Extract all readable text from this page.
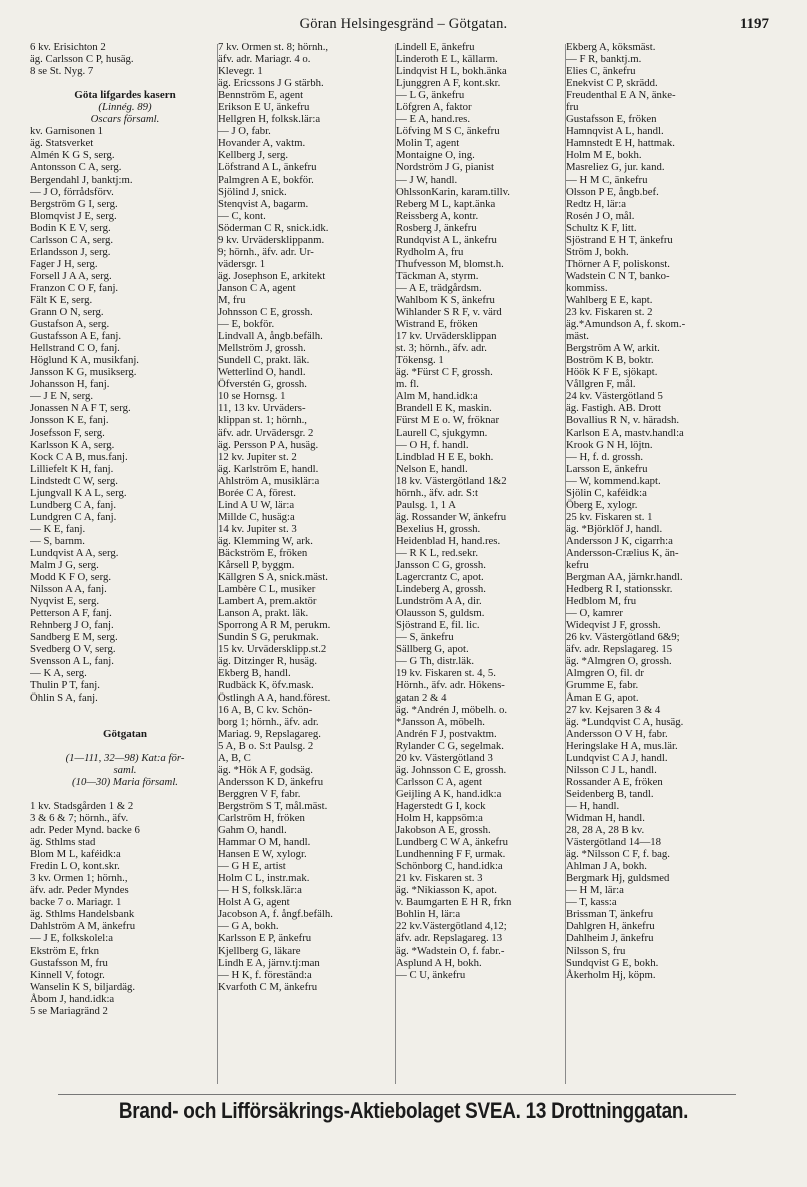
Göran Helsingesgränd – Götgatan.	1197
6 kv. Erisichton 2
äg. Carlsson C P, husäg.
8 se St. Nyg. 7
Göta lifgardes kasern
(Linnég. 89)
Oscars församl.
kv. Garnisonen 1
äg. Statsverket
Almén K G S, serg.
Antonsson C A, serg.
Bergendahl J, banktj:m.
— J O, förrådsförv.
Bergström G I, serg.
Blomqvist J E, serg.
Bodin K E V, serg.
Carlsson C A, serg.
Erlandsson J, serg.
Fager J H, serg.
Forsell J A A, serg.
Franzon C O F, fanj.
Fält K E, serg.
Grann O N, serg.
Gustafson A, serg.
Gustafsson A E, fanj.
Hellstrand C O, fanj.
Höglund K A, musikfanj.
Jansson K G, musikserg.
Johansson H, fanj.
— J E N, serg.
Jonassen N A F T, serg.
Jonsson K E, fanj.
Josefsson F, serg.
Karlsson K A, serg.
Kock C A B, mus.fanj.
Lilliefelt K H, fanj.
Lindstedt C W, serg.
Ljungvall K A L, serg.
Lundberg C A, fanj.
Lundgren C A, fanj.
— K E, fanj.
— S, barnm.
Lundqvist A A, serg.
Malm J G, serg.
Modd K F O, serg.
Nilsson A A, fanj.
Nyqvist E, serg.
Petterson A F, fanj.
Rehnberg J O, fanj.
Sandberg E M, serg.
Svedberg O V, serg.
Svensson A L, fanj.
— K A, serg.
Thulin P T, fanj.
Öhlin S A, fanj.
Götgatan
(1—111, 32—98) Kat:a för-
saml.
(10—30) Maria församl.
1 kv. Stadsgården 1 & 2
3 & 6 & 7; hörnh., äfv.
adr. Peder Mynd. backe 6
äg. Sthlms stad
Blom M L, kaféidk:a
Fredin L O, kont.skr.
3 kv. Ormen 1; hörnh.,
äfv. adr. Peder Myndes
backe 7 o. Mariagr. 1
äg. Sthlms Handelsbank
Dahlström A M, änkefru
— J E, folkskolel:a
Ekström E, frkn
Gustafsson M, fru
Kinnell V, fotogr.
Wanselin K S, biljardäg.
Åbom J, hand.idk:a
5 se Mariagränd 2
7 kv. Ormen st. 8; hörnh.,
äfv. adr. Mariagr. 4 o.
Klevegr. 1
äg. Ericssons J G stärbh.
Bennström E, agent
Erikson E U, änkefru
Hellgren H, folksk.lär:a
— J O, fabr.
Hovander A, vaktm.
Kellberg J, serg.
Löfstrand A L, änkefru
Palmgren A E, bokför.
Sjölind J, snick.
Stenqvist A, bagarm.
— C, kont.
Söderman C R, snick.idk.
9 kv. Urvädersklippanm.
9; hörnh., äfv. adr. Ur-
vädersgr. 1
äg. Josephson E, arkitekt
Janson C A, agent
M, fru
Johnsson C E, grossh.
— E, bokför.
Lindvall A, ångb.befälh.
Mellström J, grossh.
Sundell C, prakt. läk.
Wetterlind O, handl.
Öfverstén G, grossh.
10 se Hornsg. 1
11, 13 kv. Urväders-
klippan st. 1; hörnh.,
äfv. adr. Urvädersgr. 2
äg. Persson P A, husäg.
12 kv. Jupiter st. 2
äg. Karlström E, handl.
Ahlström A, musiklär:a
Borée C A, förest.
Lind A U W, lär:a
Millde C, husäg:a
14 kv. Jupiter st. 3
äg. Klemming W, ark.
Bäckström E, fröken
Kårsell P, byggm.
Källgren S A, snick.mäst.
Lambère C L, musiker
Lambert A, prem.aktör
Lanson A, prakt. läk.
Sporrong A R M, perukm.
Sundin S G, perukmak.
15 kv. Urvädersklipp.st.2
äg. Ditzinger R, husäg.
Ekberg B, handl.
Rudbäck K, öfv.mask.
Östlingh A A, hand.förest.
16 A, B, C kv. Schön-
borg 1; hörnh., äfv. adr.
Mariag. 9, Repslagareg.
5 A, B o. S:t Paulsg. 2
A, B, C
äg. *Hök A F, godsäg.
Andersson K D, änkefru
Berggren V F, fabr.
Bergström S T, mål.mäst.
Carlström H, fröken
Gahm O, handl.
Hammar O M, handl.
Hansen E W, xylogr.
— G H E, artist
Holm C L, instr.mak.
— H S, folksk.lär:a
Holst A G, agent
Jacobson A, f. ångf.befälh.
— G A, bokh.
Karlsson E P, änkefru
Kjellberg G, läkare
Lindh E A, järnv.tj:man
— H K, f. föreständ:a
Kvarfoth C M, änkefru
Lindell E, änkefru
Linderoth E L, källarm.
Lindqvist H L, bokh.änka
Ljunggren A F, kont.skr.
— L G, änkefru
Löfgren A, faktor
— E A, hand.res.
Löfving M S C, änkefru
Molin T, agent
Montaigne O, ing.
Nordström J G, pianist
— J W, handl.
OhlssonKarin, karam.tillv.
Reberg M L, kapt.änka
Reissberg A, kontr.
Rosberg J, änkefru
Rundqvist A L, änkefru
Rydholm A, fru
Thufvesson M, blomst.h.
Täckman A, styrm.
— A E, trädgårdsm.
Wahlbom K S, änkefru
Wihlander S R F, v. värd
Wistrand E, fröken
17 kv. Urvädersklippan
st. 3; hörnh., äfv. adr.
Tökensg. 1
äg. *Fürst C F, grossh.
m. fl.
Alm M, hand.idk:a
Brandell E K, maskin.
Fürst M E o. W, fröknar
Laurell C, sjukgymn.
— O H, f. handl.
Lindblad H E E, bokh.
Nelson E, handl.
18 kv. Västergötland 1&2
hörnh., äfv. adr. S:t
Paulsg. 1, 1 A
äg. Rossander W, änkefru
Bexelius H, grossh.
Heidenblad H, hand.res.
— R K L, red.sekr.
Jansson C G, grossh.
Lagercrantz C, apot.
Lindeberg A, grossh.
Lundström A A, dir.
Olausson S, guldsm.
Sjöstrand E, fil. lic.
— S, änkefru
Sällberg G, apot.
— G Th, distr.läk.
19 kv. Fiskaren st. 4, 5.
Hörnh., äfv. adr. Hökens-
gatan 2 & 4
äg. *Andrén J, möbelh. o.
*Jansson A, möbelh.
Andrén F J, postvaktm.
Rylander C G, segelmak.
20 kv. Västergötland 3
äg. Johnsson C E, grossh.
Carlsson C A, agent
Geijling A K, hand.idk:a
Hagerstedt G I, kock
Holm H, kappsöm:a
Jakobson A E, grossh.
Lundberg C W A, änkefru
Lundhenning F F, urmak.
Schönborg C, hand.idk:a
21 kv. Fiskaren st. 3
äg. *Nikiasson K, apot.
v. Baumgarten E H R, frkn
Bohlin H, lär:a
22 kv.Västergötland 4,12;
äfv. adr. Repslagareg. 13
äg. *Wadstein O, f. fabr.-
Asplund A H, bokh.
— C U, änkefru
Ekberg A, köksmäst.
— F R, banktj.m.
Elies C, änkefru
Enekvist C P, skrädd.
Freudenthal E A N, änke-
fru
Gustafsson E, fröken
Hamnqvist A L, handl.
Hamnstedt E H, hattmak.
Holm M E, bokh.
Masreliez G, jur. kand.
— H M C, änkefru
Olsson P E, ångb.bef.
Redtz H, lär:a
Rosén J O, mål.
Schultz K F, litt.
Sjöstrand E H T, änkefru
Ström J, bokh.
Thörner A F, poliskonst.
Wadstein C N T, banko-
kommiss.
Wahlberg E E, kapt.
23 kv. Fiskaren st. 2
äg.*Amundson A, f. skom.-
mäst.
Bergström A W, arkit.
Boström K B, boktr.
Höök K F E, sjökapt.
Vållgren F, mål.
24 kv. Västergötland 5
äg. Fastigh. AB. Drott
Bovallius R N, v. häradsh.
Karlson E A, mastv.handl:a
Krook G N H, löjtn.
— H, f. d. grossh.
Larsson E, änkefru
— W, kommend.kapt.
Sjölin C, kaféidk:a
Öberg E, xylogr.
25 kv. Fiskaren st. 1
äg. *Björklöf J, handl.
Andersson J K, cigarrh:a
Andersson-Crælius K, än-
kefru
Bergman AA, järnkr.handl.
Hedberg R I, stationsskr.
Hedblom M, fru
— O, kamrer
Wideqvist J F, grossh.
26 kv. Västergötland 6&9;
äfv. adr. Repslagareg. 15
äg. *Almgren O, grossh.
Almgren O, fil. dr
Grumme E, fabr.
Åman E G, apot.
27 kv. Kejsaren 3 & 4
äg. *Lundqvist C A, husäg.
Andersson O V H, fabr.
Heringslake H A, mus.lär.
Lundqvist C A J, handl.
Nilsson C J L, handl.
Rossander A E, fröken
Seidenberg B, tandl.
— H, handl.
Widman H, handl.
28, 28 A, 28 B kv.
Västergötland 14—18
äg. *Nilsson C F, f. bag.
Ahlman J A, bokh.
Bergmark Hj, guldsmed
— H M, lär:a
— T, kass:a
Brissman T, änkefru
Dahlgren H, änkefru
Dahlheim J, änkefru
Nilsson S, fru
Sundqvist G E, bokh.
Åkerholm Hj, köpm.
Brand- och Lifförsäkrings-Aktiebolaget SVEA. 13 Drottninggatan.
